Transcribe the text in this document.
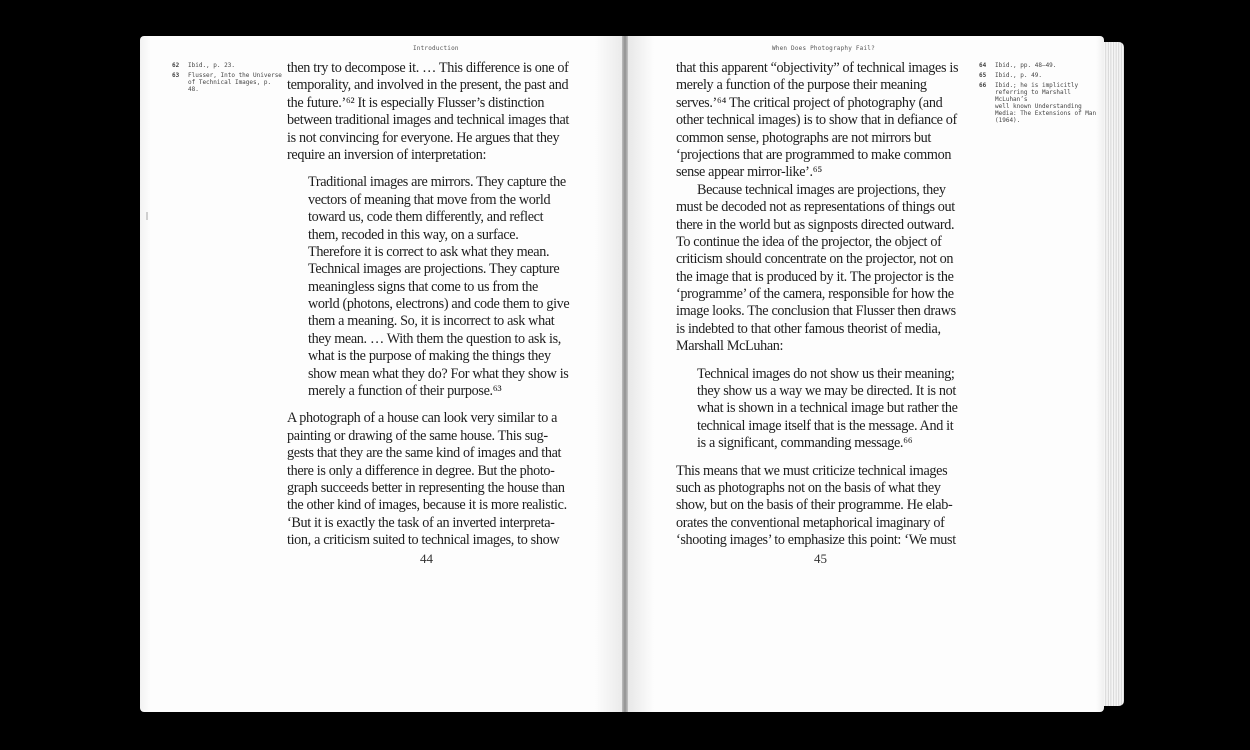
Introduction	When Does Photography Fail?
62	Ibid., p. 23.
63	Flusser, Into the Universe
of Technical Images, p. 48.
64	Ibid., pp. 48–49.
65	Ibid., p. 49.
66	Ibid.; he is implicitly
referring to Marshall McLuhan’s
well known Understanding
Media: The Extensions of Man
(1964).
then try to decompose it. … This difference is one of
temporality, and involved in the present, the past and
the future.’⁶² It is especially Flusser’s distinction
between traditional images and technical images that
is not convincing for everyone. He argues that they
require an inversion of interpretation:
Traditional images are mirrors. They capture the
vectors of meaning that move from the world
toward us, code them differently, and reflect
them, recoded in this way, on a surface.
Therefore it is correct to ask what they mean.
Technical images are projections. They capture
meaningless signs that come to us from the
world (photons, electrons) and code them to give
them a meaning. So, it is incorrect to ask what
they mean. … With them the question to ask is,
what is the purpose of making the things they
show mean what they do? For what they show is
merely a function of their purpose.⁶³
A photograph of a house can look very similar to a
painting or drawing of the same house. This sug-
gests that they are the same kind of images and that
there is only a difference in degree. But the photo-
graph succeeds better in representing the house than
the other kind of images, because it is more realistic.
‘But it is exactly the task of an inverted interpreta-
tion, a criticism suited to technical images, to show
that this apparent “objectivity” of technical images is
merely a function of the purpose their meaning
serves.’⁶⁴ The critical project of photography (and
other technical images) is to show that in defiance of
common sense, photographs are not mirrors but
‘projections that are programmed to make common
sense appear mirror-like’.⁶⁵
Because technical images are projections, they
must be decoded not as representations of things out
there in the world but as signposts directed outward.
To continue the idea of the projector, the object of
criticism should concentrate on the projector, not on
the image that is produced by it. The projector is the
‘programme’ of the camera, responsible for how the
image looks. The conclusion that Flusser then draws
is indebted to that other famous theorist of media,
Marshall McLuhan:
Technical images do not show us their meaning;
they show us a way we may be directed. It is not
what is shown in a technical image but rather the
technical image itself that is the message. And it
is a significant, commanding message.⁶⁶
This means that we must criticize technical images
such as photographs not on the basis of what they
show, but on the basis of their programme. He elab-
orates the conventional metaphorical imaginary of
‘shooting images’ to emphasize this point: ‘We must
44	45
